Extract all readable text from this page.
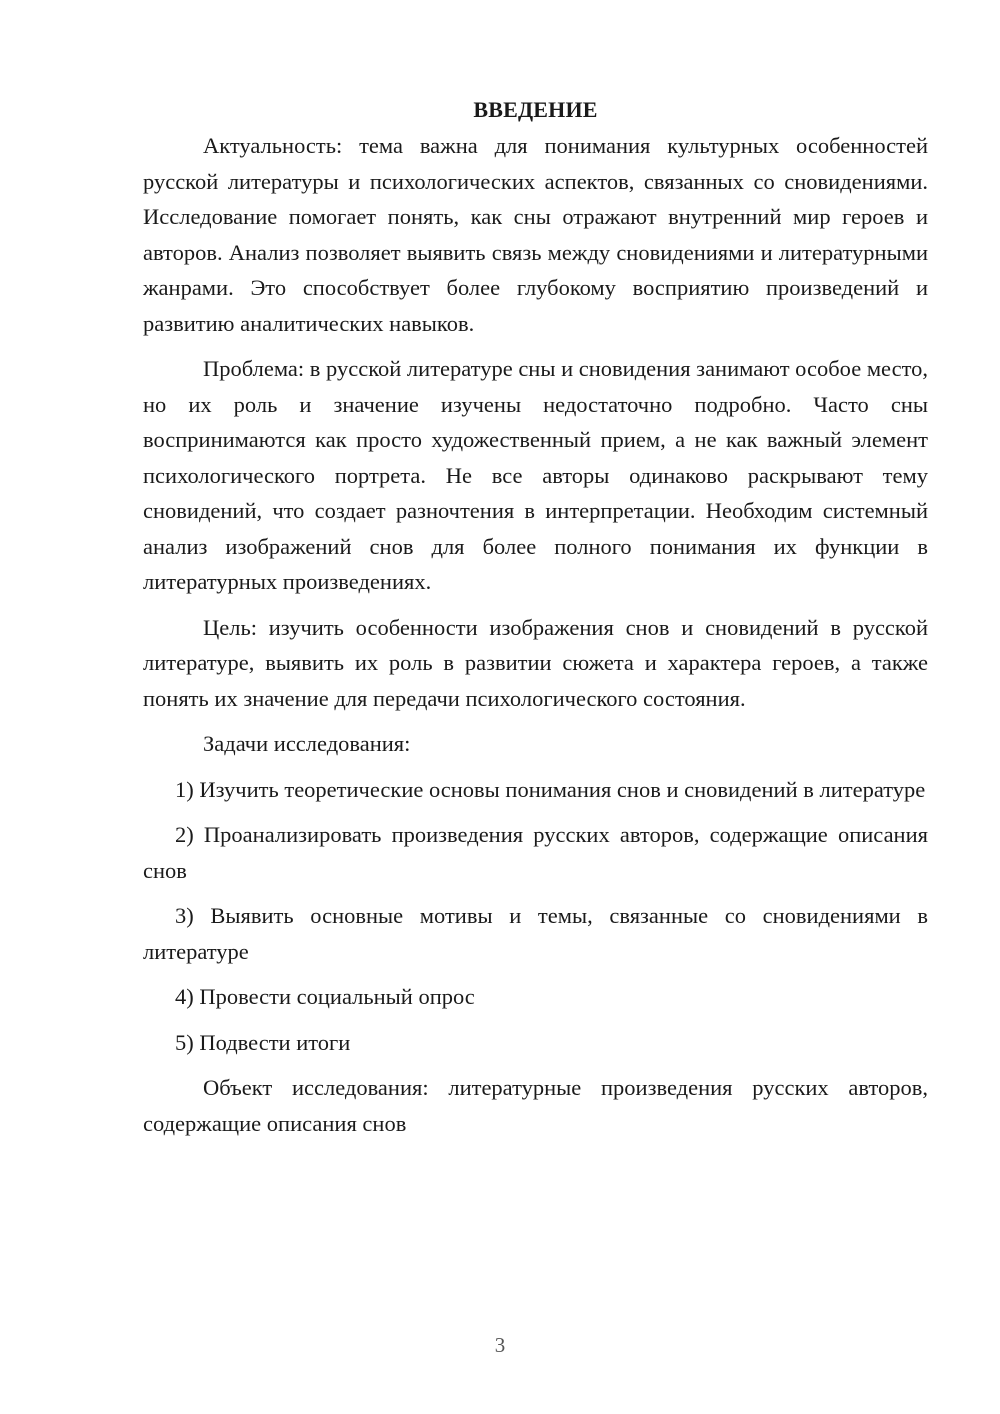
ВВЕДЕНИЕ

Актуальность: тема важна для понимания культурных особенностей русской литературы и психологических аспектов, связанных со сновидениями. Исследование помогает понять, как сны отражают внутренний мир героев и авторов. Анализ позволяет выявить связь между сновидениями и литературными жанрами. Это способствует более глубокому восприятию произведений и развитию аналитических навыков.

Проблема: в русской литературе сны и сновидения занимают особое место, но их роль и значение изучены недостаточно подробно. Часто сны воспринимаются как просто художественный прием, а не как важный элемент психологического портрета. Не все авторы одинаково раскрывают тему сновидений, что создает разночтения в интерпретации. Необходим системный анализ изображений снов для более полного понимания их функции в литературных произведениях.

Цель: изучить особенности изображения снов и сновидений в русской литературе, выявить их роль в развитии сюжета и характера героев, а также понять их значение для передачи психологического состояния.

Задачи исследования:

1) Изучить теоретические основы понимания снов и сновидений в литературе

2) Проанализировать произведения русских авторов, содержащие описания снов

3) Выявить основные мотивы и темы, связанные со сновидениями в литературе

4) Провести социальный опрос

5) Подвести итоги

Объект исследования: литературные произведения русских авторов, содержащие описания снов

3
